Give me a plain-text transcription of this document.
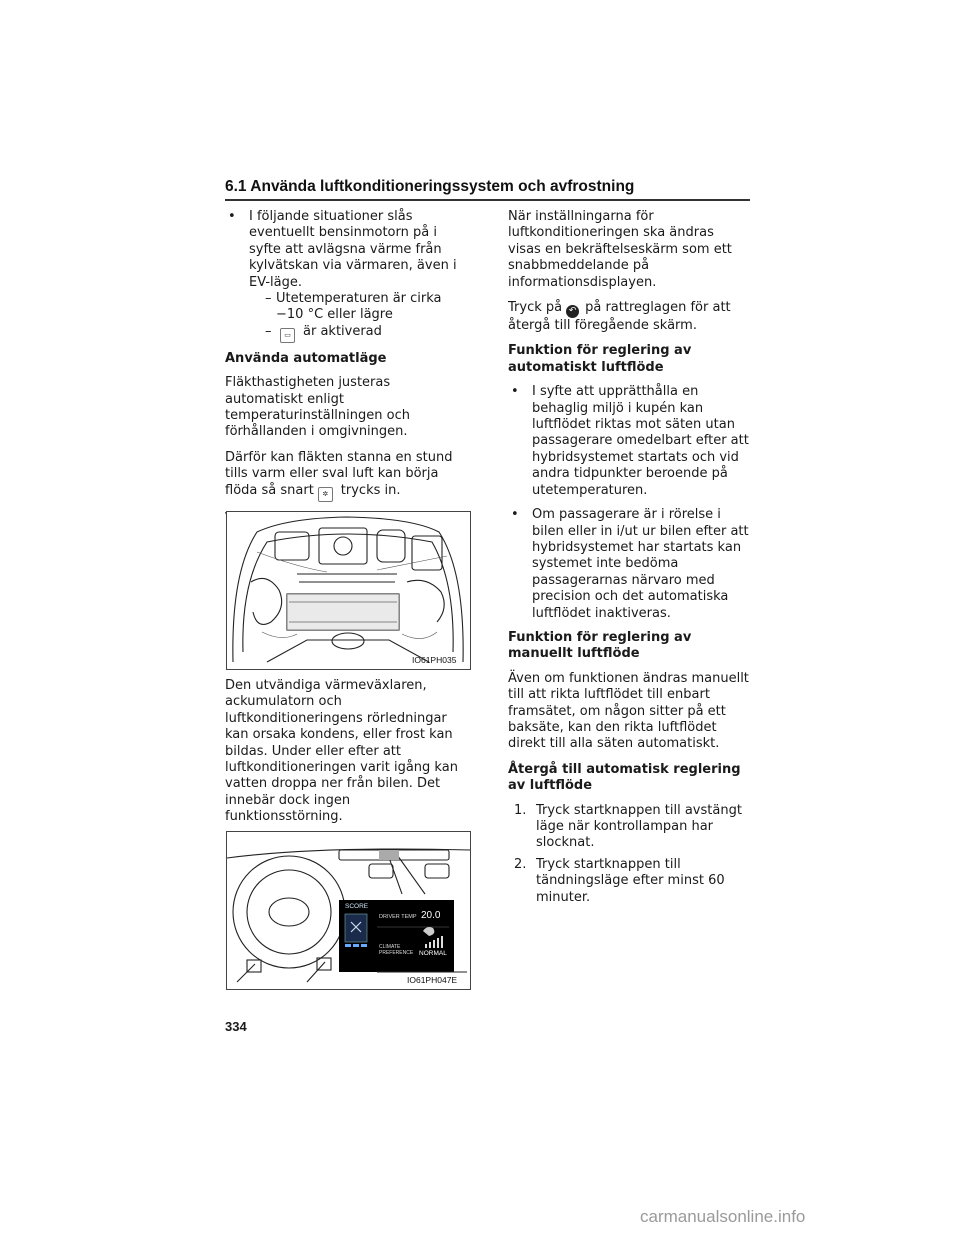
6.1 Använda luftkonditioneringssystem och avfrostning
• I följande situationer slås eventuellt bensinmotorn på i syfte att avlägsna värme från kylvätskan via värmaren, även i EV-läge.
– Utetemperaturen är cirka −10 °C eller lägre
– ▭ är aktiverad

Använda automatläge

Fläkthastigheten justeras automatiskt enligt temperaturinställningen och förhållanden i omgivningen.

Därför kan fläkten stanna en stund tills varm eller sval luft kan börja flöda så snart ✲ trycks in.

IO61PH035

Den utvändiga värmeväxlaren, ackumulatorn och luftkonditioneringens rörledningar kan orsaka kondens, eller frost kan bildas. Under eller efter att luftkonditioneringen varit igång kan vatten droppa ner från bilen. Det innebär dock ingen funktionsstörning.

SCORE
DRIVER TEMP 20.0
CLIMATE PREFERENCE NORMAL
IO61PH047E

När inställningarna för luftkonditioneringen ska ändras visas en bekräftelseskärm som ett snabbmeddelande på informationsdisplayen.

Tryck på ↶ på rattreglagen för att återgå till föregående skärm.

Funktion för reglering av automatiskt luftflöde

• I syfte att upprätthålla en behaglig miljö i kupén kan luftflödet riktas mot säten utan passagerare omedelbart efter att hybridsystemet startats och vid andra tidpunkter beroende på utetemperaturen.
• Om passagerare är i rörelse i bilen eller in i/ut ur bilen efter att hybridsystemet har startats kan systemet inte bedöma passagerarnas närvaro med precision och det automatiska luftflödet inaktiveras.

Funktion för reglering av manuellt luftflöde

Även om funktionen ändras manuellt till att rikta luftflödet till enbart framsätet, om någon sitter på ett baksäte, kan den rikta luftflödet direkt till alla säten automatiskt.

Återgå till automatisk reglering av luftflöde

1. Tryck startknappen till avstängt läge när kontrollampan har slocknat.
2. Tryck startknappen till tändningsläge efter minst 60 minuter.
334
carmanualsonline.info
